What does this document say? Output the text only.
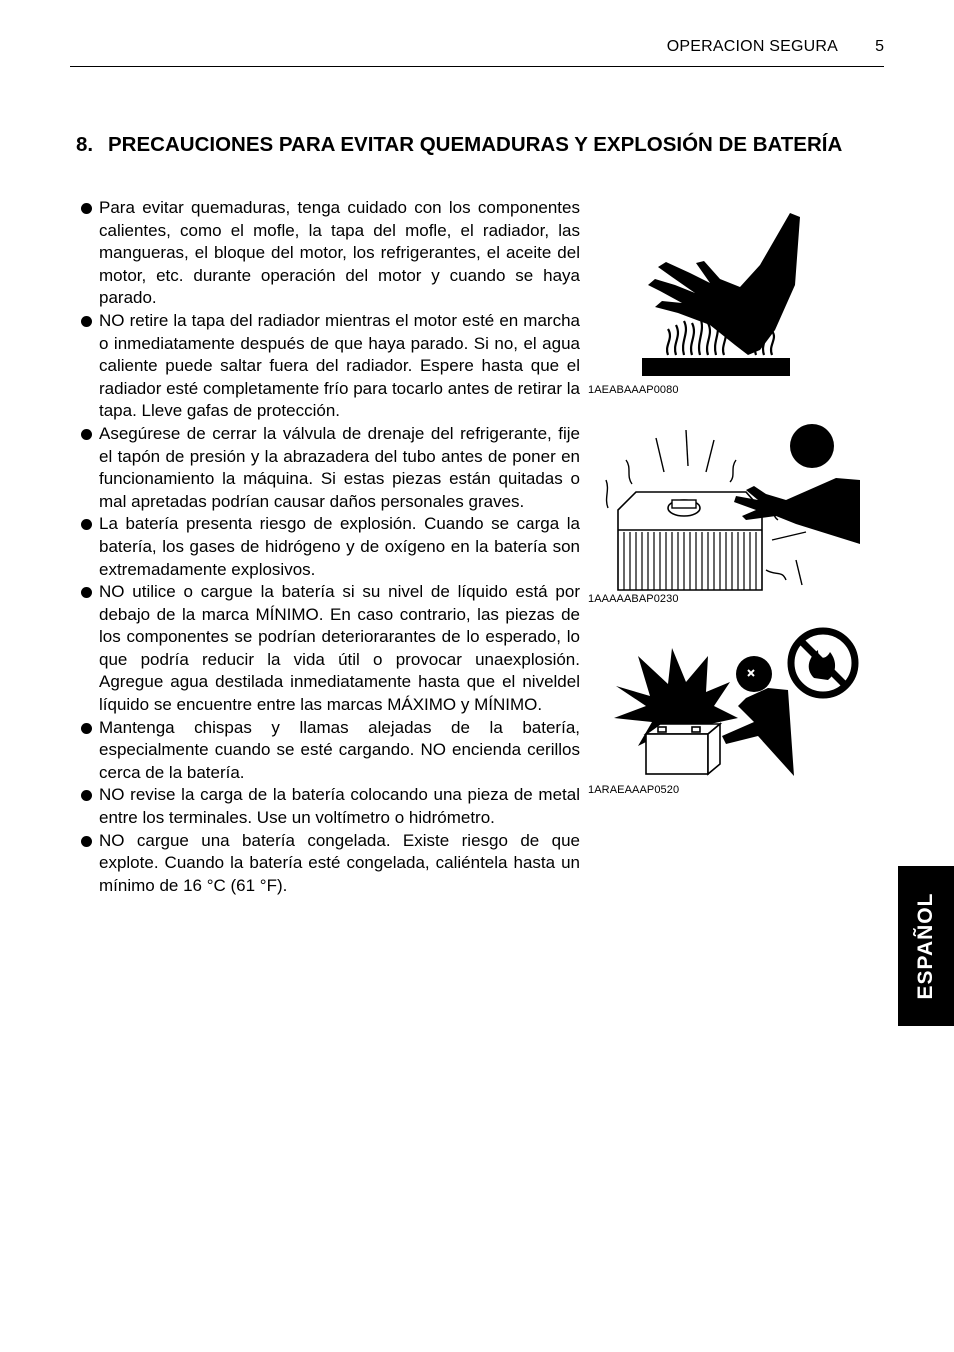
OPERACION SEGURA 5
8. PRECAUCIONES PARA EVITAR QUEMADURAS Y EXPLOSIÓN DE BATERÍA
Para evitar quemaduras, tenga cuidado con los componentes calientes, como el mofle, la tapa del mofle, el radiador, las mangueras, el bloque del motor, los refrigerantes, el aceite del motor, etc. durante operación del motor y cuando se haya parado.
NO retire la tapa del radiador mientras el motor esté en marcha o inmediatamente después de que haya parado. Si no, el agua caliente puede saltar fuera del radiador. Espere hasta que el radiador esté completamente frío para tocarlo antes de retirar la tapa. Lleve gafas de protección.
Asegúrese de cerrar la válvula de drenaje del refrigerante, fije el tapón de presión y la abrazadera del tubo antes de poner en funcionamiento la máquina. Si estas piezas están quitadas o mal apretadas podrían causar daños personales graves.
La batería presenta riesgo de explosión. Cuando se carga la batería, los gases de hidrógeno y de oxígeno en la batería son extremadamente explosivos.
NO utilice o cargue la batería si su nivel de líquido está por debajo de la marca MÍNIMO. En caso contrario, las piezas de los componentes se podrían deteriorarantes de lo esperado, lo que podría reducir la vida útil o provocar unaexplosión. Agregue agua destilada inmediatamente hasta que el niveldel líquido se encuentre entre las marcas MÁXIMO y MÍNIMO.
Mantenga chispas y llamas alejadas de la batería, especialmente cuando se esté cargando. NO encienda cerillos cerca de la batería.
NO revise la carga de la batería colocando una pieza de metal entre los terminales. Use un voltímetro o hidrómetro.
NO cargue una batería congelada. Existe riesgo de que explote. Cuando la batería esté congelada, caliéntela hasta un mínimo de 16 °C (61 °F).
1AEABAAAP0080
1AAAAABAP0230
1ARAEAAAP0520
ESPAÑOL
